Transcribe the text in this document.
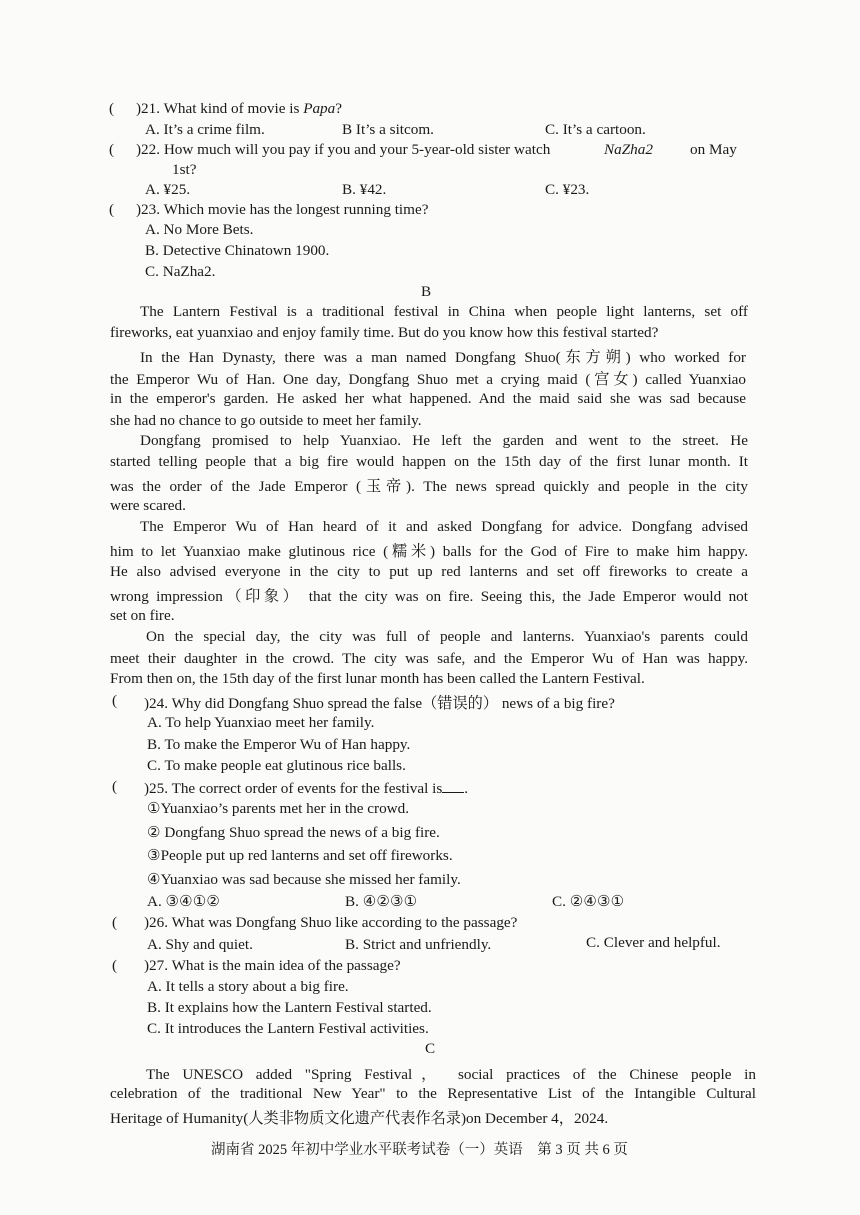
( )21. What kind of movie is Papa?
A. It’s a crime film.	B It’s a sitcom.	C. It’s a cartoon.
( )22. How much will you pay if you and your 5-year-old sister watch	NaZha2 on May
1st?
A. ¥25.	B. ¥42.	C. ¥23.
( )23. Which movie has the longest running time?
A. No More Bets.
B. Detective Chinatown 1900.
C. NaZha2.
B
The Lantern Festival is a traditional festival in China when people light lanterns, set off
fireworks, eat yuanxiao and enjoy family time. But do you know how this festival started?
In the Han Dynasty, there was a man named Dongfang Shuo(东方朔) who worked for
the Emperor Wu of Han. One day, Dongfang Shuo met a crying maid (宫女) called Yuanxiao
in the emperor's garden. He asked her what happened. And the maid said she was sad because
she had no chance to go outside to meet her family.
Dongfang promised to help Yuanxiao. He left the garden and went to the street. He
started telling people that a big fire would happen on the 15th day of the first lunar month. It
was the order of the Jade Emperor (玉帝). The news spread quickly and people in the city
were scared.
The Emperor Wu of Han heard of it and asked Dongfang for advice. Dongfang advised
him to let Yuanxiao make glutinous rice (糯米) balls for the God of Fire to make him happy.
He also advised everyone in the city to put up red lanterns and set off fireworks to create a
wrong impression（印象） that the city was on fire. Seeing this, the Jade Emperor would not
set on fire.
On the special day, the city was full of people and lanterns. Yuanxiao's parents could
meet their daughter in the crowd. The city was safe, and the Emperor Wu of Han was happy.
From then on, the 15th day of the first lunar month has been called the Lantern Festival.
( )24. Why did Dongfang Shuo spread the false（错误的） news of a big fire?
A. To help Yuanxiao meet her family.
B. To make the Emperor Wu of Han happy.
C. To make people eat glutinous rice balls.
( )25. The correct order of events for the festival is .
①Yuanxiao’s parents met her in the crowd.
② Dongfang Shuo spread the news of a big fire.
③People put up red lanterns and set off fireworks.
④Yuanxiao was sad because she missed her family.
A. ③④①②	B. ④②③①	C. ②④③①
( )26. What was Dongfang Shuo like according to the passage?
A. Shy and quiet.	B. Strict and unfriendly.	C. Clever and helpful.
( )27. What is the main idea of the passage?
A. It tells a story about a big fire.
B. It explains how the Lantern Festival started.
C. It introduces the Lantern Festival activities.
C
The UNESCO added "Spring Festival， social practices of the Chinese people in
celebration of the traditional New Year" to the Representative List of the Intangible Cultural
Heritage of Humanity(人类非物质文化遗产代表作名录)on December 4，2024.
湖南省 2025 年初中学业水平联考试卷（一）英语　第 3 页 共 6 页
